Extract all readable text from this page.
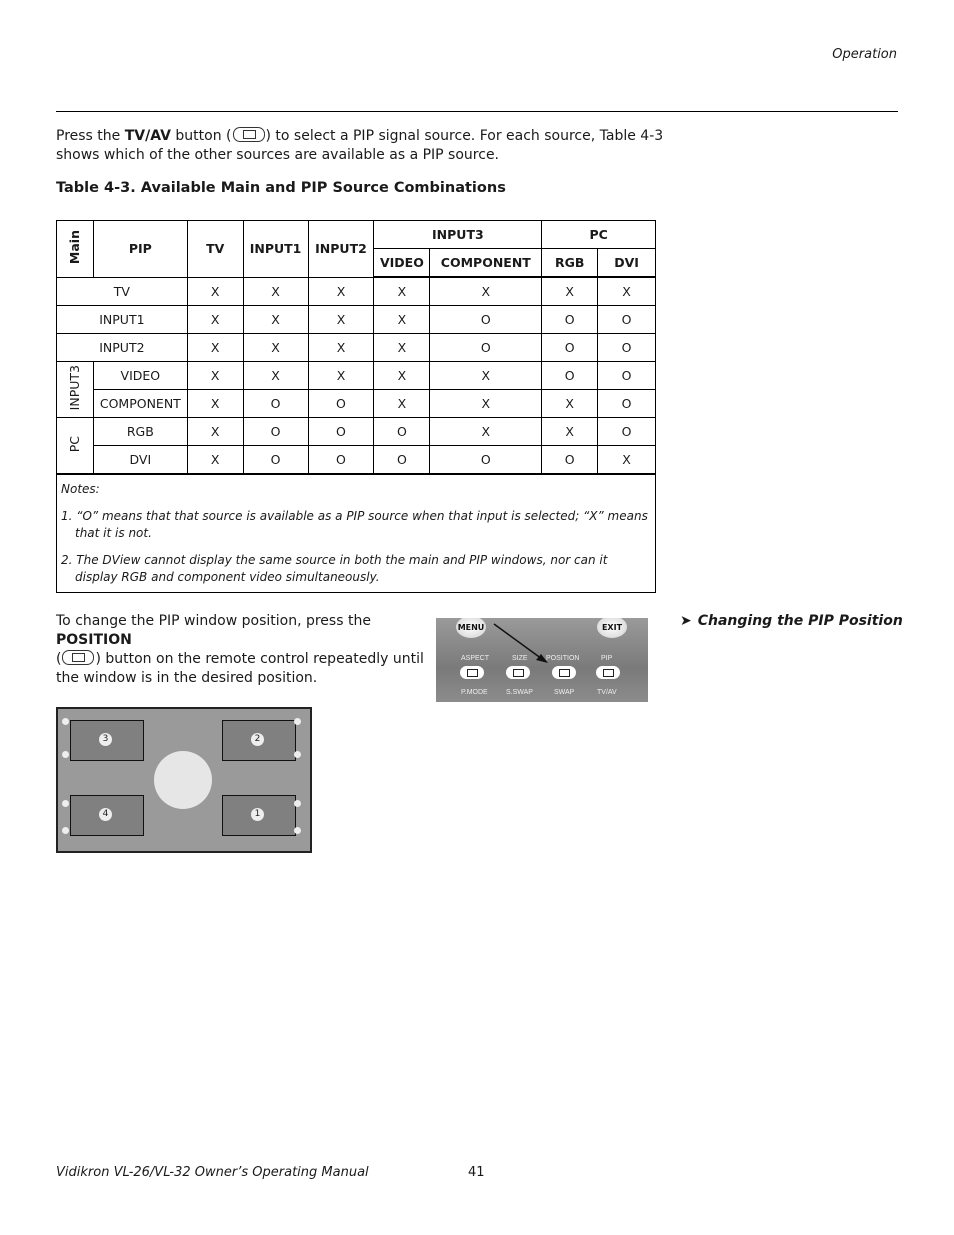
Operation
Press the TV/AV button ( ) to select a PIP signal source. For each source, Table 4-3 shows which of the other sources are available as a PIP source.
Table 4-3. Available Main and PIP Source Combinations
Main	PIP	TV	INPUT1	INPUT2	INPUT3		PC	
					VIDEO	COMPONENT	RGB	DVI
TV		X	X	X	X	X	X	X
INPUT1		X	X	X	X	O	O	O
INPUT2		X	X	X	X	O	O	O
INPUT3	VIDEO	X	X	X	X	X	O	O
	COMPONENT	X	O	O	X	X	X	O
PC	RGB	X	O	O	O	X	X	O
	DVI	X	O	O	O	O	O	X

Notes:

1. “O” means that that source is available as a PIP source when that input is selected; “X” means that it is not.

2. The DView cannot display the same source in both the main and PIP windows, nor can it display RGB and component video simultaneously.								

To change the PIP window position, press the POSITION
( ) button on the remote control repeatedly until the window is in the desired position.
MENU	EXIT
ASPECT	SIZE	POSITION	PIP
P.MODE	S.SWAP	SWAP	TV/AV
➤ Changing the PIP Position
3	2
4	1
Vidikron VL-26/VL-32 Owner’s Operating Manual	41
